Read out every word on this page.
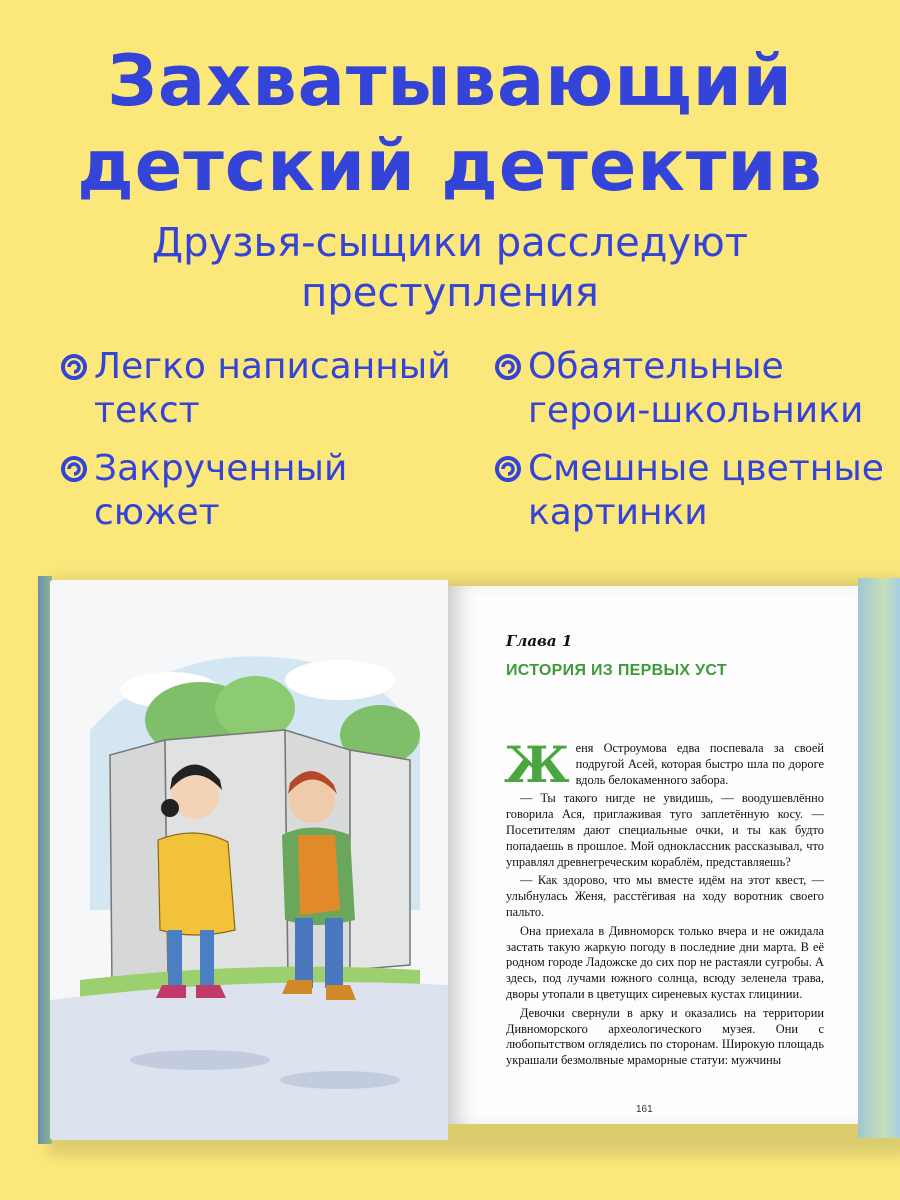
Захватывающий
детский детектив
Друзья-сыщики расследуют преступления
Легко написанный
текст
Закрученный
сюжет
Обаятельные
герои-школьники
Смешные цветные
картинки
Глава 1
ИСТОРИЯ ИЗ ПЕРВЫХ УСТ

Женя Остроумова едва поспевала за своей подругой Асей, которая быстро шла по дороге вдоль белокаменного забора.

— Ты такого нигде не увидишь, — воодушевлённо говорила Ася, приглаживая туго заплетённую косу. — Посетителям дают специальные очки, и ты как будто попадаешь в прошлое. Мой одноклассник рассказывал, что управлял древнегреческим кораблём, представляешь?

— Как здорово, что мы вместе идём на этот квест, — улыбнулась Женя, расстёгивая на ходу воротник своего пальто.

Она приехала в Дивноморск только вчера и не ожидала застать такую жаркую погоду в последние дни марта. В её родном городе Ладожске до сих пор не растаяли сугробы. А здесь, под лучами южного солнца, всюду зеленела трава, дворы утопали в цветущих сиреневых кустах глицинии.

Девочки свернули в арку и оказались на территории Дивноморского археологического музея. Они с любопытством огляделись по сторонам. Широкую площадь украшали безмолвные мраморные статуи: мужчины

161
